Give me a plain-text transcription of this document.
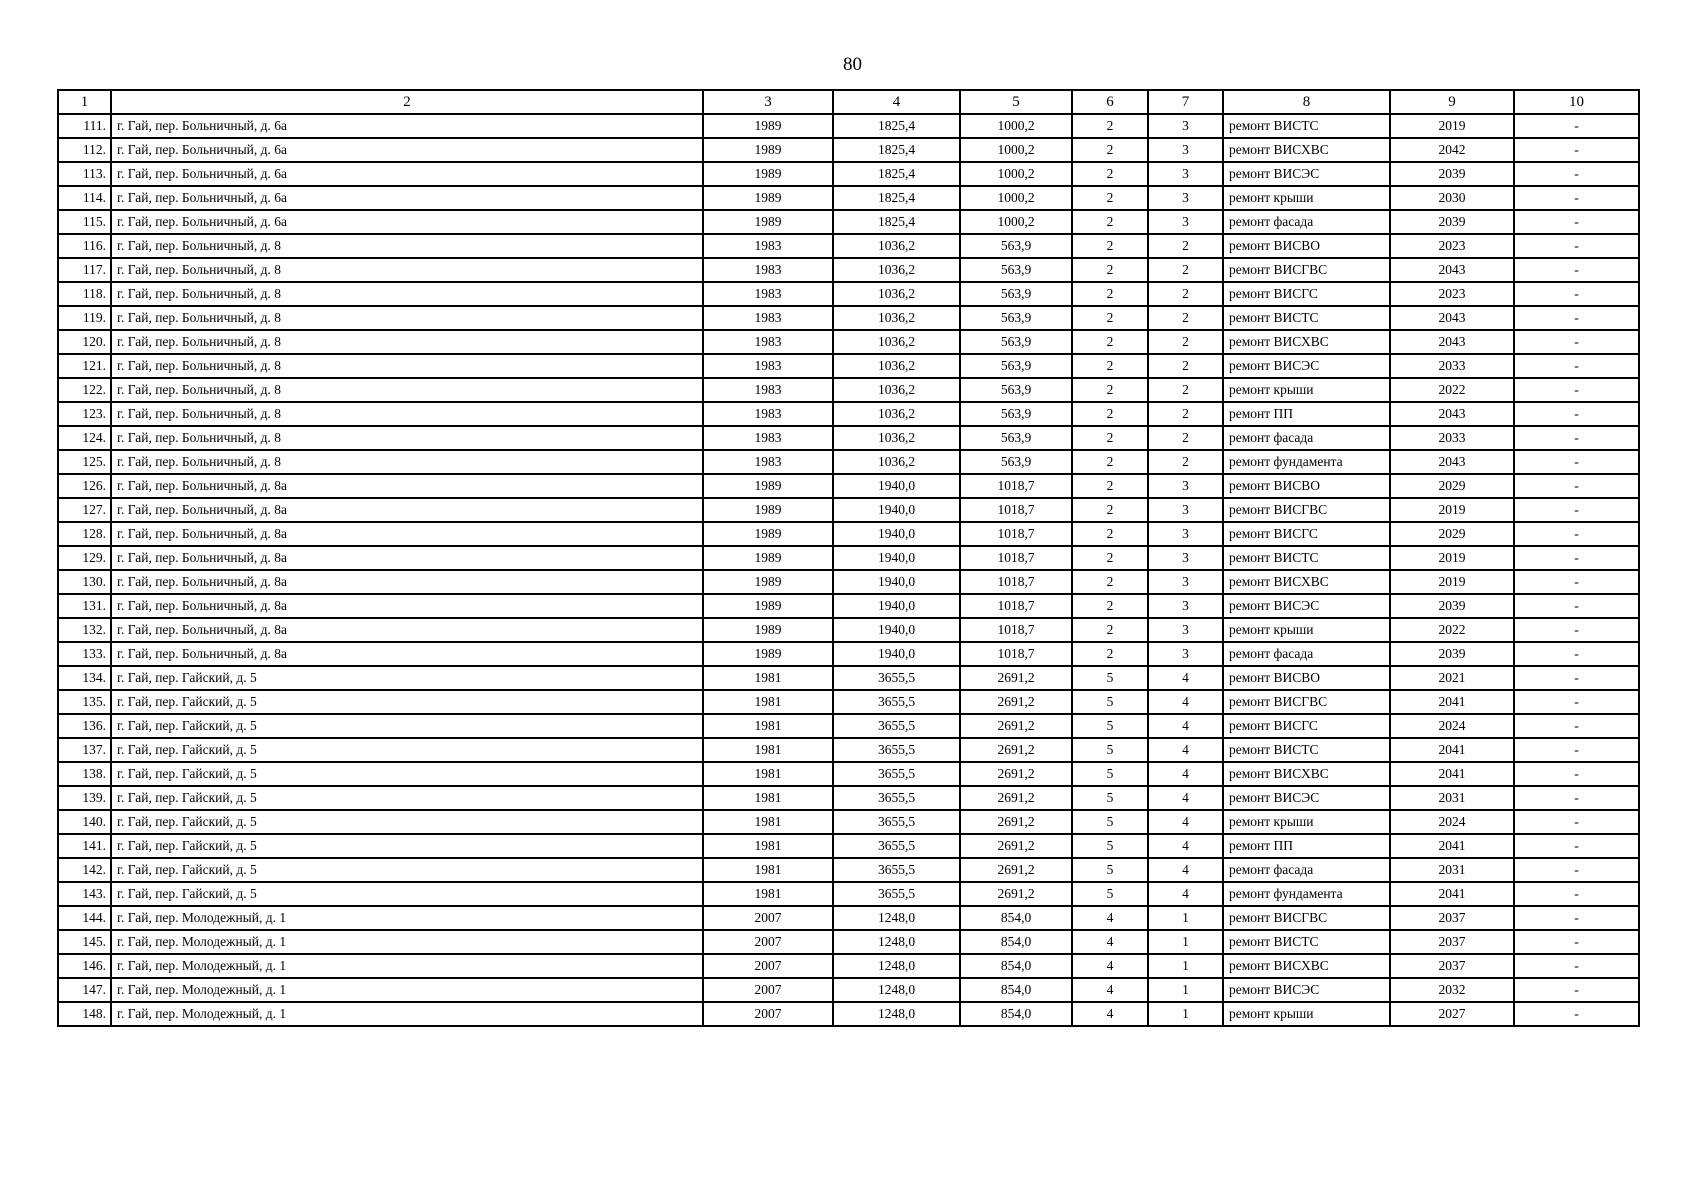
80
1	2	3	4	5	6	7	8	9	10
111.	г. Гай, пер. Больничный, д. 6а	1989	1825,4	1000,2	2	3	ремонт ВИСТС	2019	-
112.	г. Гай, пер. Больничный, д. 6а	1989	1825,4	1000,2	2	3	ремонт ВИСХВС	2042	-
113.	г. Гай, пер. Больничный, д. 6а	1989	1825,4	1000,2	2	3	ремонт ВИСЭС	2039	-
114.	г. Гай, пер. Больничный, д. 6а	1989	1825,4	1000,2	2	3	ремонт крыши	2030	-
115.	г. Гай, пер. Больничный, д. 6а	1989	1825,4	1000,2	2	3	ремонт фасада	2039	-
116.	г. Гай, пер. Больничный, д. 8	1983	1036,2	563,9	2	2	ремонт ВИСВО	2023	-
117.	г. Гай, пер. Больничный, д. 8	1983	1036,2	563,9	2	2	ремонт ВИСГВС	2043	-
118.	г. Гай, пер. Больничный, д. 8	1983	1036,2	563,9	2	2	ремонт ВИСГС	2023	-
119.	г. Гай, пер. Больничный, д. 8	1983	1036,2	563,9	2	2	ремонт ВИСТС	2043	-
120.	г. Гай, пер. Больничный, д. 8	1983	1036,2	563,9	2	2	ремонт ВИСХВС	2043	-
121.	г. Гай, пер. Больничный, д. 8	1983	1036,2	563,9	2	2	ремонт ВИСЭС	2033	-
122.	г. Гай, пер. Больничный, д. 8	1983	1036,2	563,9	2	2	ремонт крыши	2022	-
123.	г. Гай, пер. Больничный, д. 8	1983	1036,2	563,9	2	2	ремонт ПП	2043	-
124.	г. Гай, пер. Больничный, д. 8	1983	1036,2	563,9	2	2	ремонт фасада	2033	-
125.	г. Гай, пер. Больничный, д. 8	1983	1036,2	563,9	2	2	ремонт фундамента	2043	-
126.	г. Гай, пер. Больничный, д. 8а	1989	1940,0	1018,7	2	3	ремонт ВИСВО	2029	-
127.	г. Гай, пер. Больничный, д. 8а	1989	1940,0	1018,7	2	3	ремонт ВИСГВС	2019	-
128.	г. Гай, пер. Больничный, д. 8а	1989	1940,0	1018,7	2	3	ремонт ВИСГС	2029	-
129.	г. Гай, пер. Больничный, д. 8а	1989	1940,0	1018,7	2	3	ремонт ВИСТС	2019	-
130.	г. Гай, пер. Больничный, д. 8а	1989	1940,0	1018,7	2	3	ремонт ВИСХВС	2019	-
131.	г. Гай, пер. Больничный, д. 8а	1989	1940,0	1018,7	2	3	ремонт ВИСЭС	2039	-
132.	г. Гай, пер. Больничный, д. 8а	1989	1940,0	1018,7	2	3	ремонт крыши	2022	-
133.	г. Гай, пер. Больничный, д. 8а	1989	1940,0	1018,7	2	3	ремонт фасада	2039	-
134.	г. Гай, пер. Гайский, д. 5	1981	3655,5	2691,2	5	4	ремонт ВИСВО	2021	-
135.	г. Гай, пер. Гайский, д. 5	1981	3655,5	2691,2	5	4	ремонт ВИСГВС	2041	-
136.	г. Гай, пер. Гайский, д. 5	1981	3655,5	2691,2	5	4	ремонт ВИСГС	2024	-
137.	г. Гай, пер. Гайский, д. 5	1981	3655,5	2691,2	5	4	ремонт ВИСТС	2041	-
138.	г. Гай, пер. Гайский, д. 5	1981	3655,5	2691,2	5	4	ремонт ВИСХВС	2041	-
139.	г. Гай, пер. Гайский, д. 5	1981	3655,5	2691,2	5	4	ремонт ВИСЭС	2031	-
140.	г. Гай, пер. Гайский, д. 5	1981	3655,5	2691,2	5	4	ремонт крыши	2024	-
141.	г. Гай, пер. Гайский, д. 5	1981	3655,5	2691,2	5	4	ремонт ПП	2041	-
142.	г. Гай, пер. Гайский, д. 5	1981	3655,5	2691,2	5	4	ремонт фасада	2031	-
143.	г. Гай, пер. Гайский, д. 5	1981	3655,5	2691,2	5	4	ремонт фундамента	2041	-
144.	г. Гай, пер. Молодежный, д. 1	2007	1248,0	854,0	4	1	ремонт ВИСГВС	2037	-
145.	г. Гай, пер. Молодежный, д. 1	2007	1248,0	854,0	4	1	ремонт ВИСТС	2037	-
146.	г. Гай, пер. Молодежный, д. 1	2007	1248,0	854,0	4	1	ремонт ВИСХВС	2037	-
147.	г. Гай, пер. Молодежный, д. 1	2007	1248,0	854,0	4	1	ремонт ВИСЭС	2032	-
148.	г. Гай, пер. Молодежный, д. 1	2007	1248,0	854,0	4	1	ремонт крыши	2027	-
